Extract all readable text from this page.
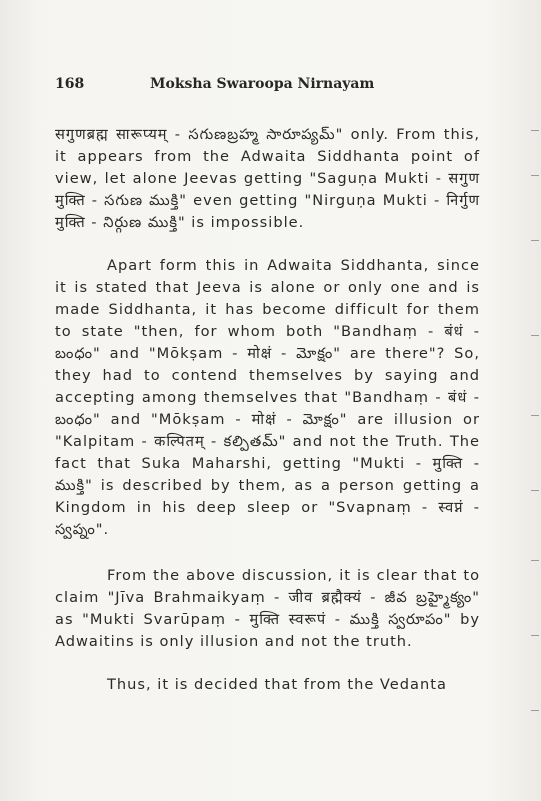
168	Moksha Swaroopa Nirnayam

सगुणब्रह्म सारूप्यम् - సగుణబ్రహ్మ సారూప్యమ్" only. From this, it appears from the Adwaita Siddhanta point of view, let alone Jeevas getting "Saguṇa Mukti - सगुण मुक्ति - సగుణ ముక్తి" even getting "Nirguṇa Mukti - निर्गुण मुक्ति - నిర్గుణ ముక్తి" is impossible.

Apart form this in Adwaita Siddhanta, since it is stated that Jeeva is alone or only one and is made Siddhanta, it has become difficult for them to state "then, for whom both "Bandhaṃ - बंधं - బంధం" and "Mōkṣam - मोक्षं - మోక్షం" are there"? So, they had to contend themselves by saying and accepting among themselves that "Bandhaṃ - बंधं - బంధం" and "Mōkṣam - मोक्षं - మోక్షం" are illusion or "Kalpitam - कल्पितम् - కల్పితమ్" and not the Truth. The fact that Suka Maharshi, getting "Mukti - मुक्ति - ముక్తి" is described by them, as a person getting a Kingdom in his deep sleep or "Svapnaṃ - स्वप्नं - స్వప్నం".

From the above discussion, it is clear that to claim "Jīva Brahmaikyaṃ - जीव ब्रह्मैक्यं - జీవ బ్రహ్మైక్యం" as "Mukti Svarūpaṃ - मुक्ति स्वरूपं - ముక్తి స్వరూపం" by Adwaitins is only illusion and not the truth.

Thus, it is decided that from the Vedanta
